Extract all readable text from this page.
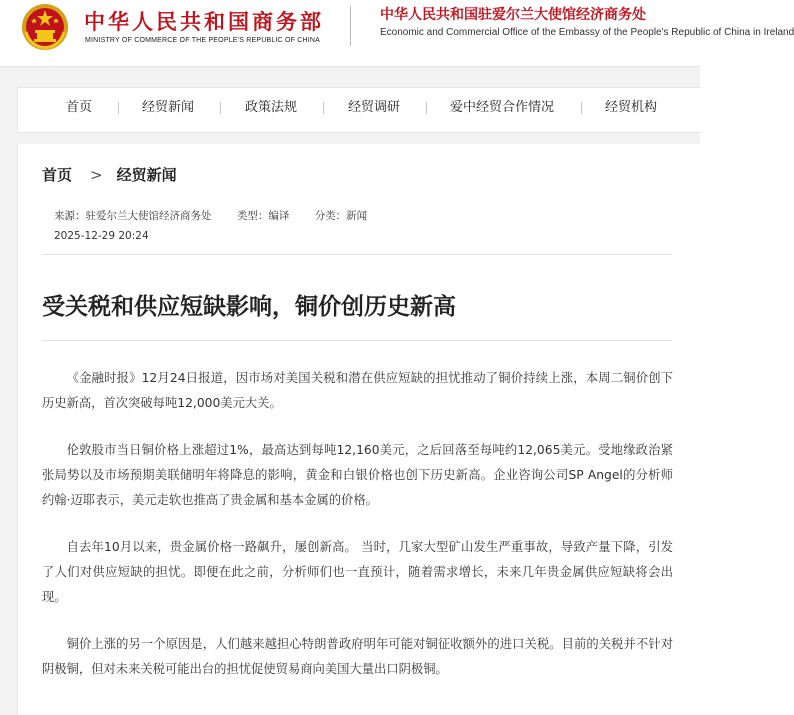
中华人民共和国商务部
MINISTRY OF COMMERCE OF THE PEOPLE'S REPUBLIC OF CHINA
中华人民共和国驻爱尔兰大使馆经济商务处
Economic and Commercial Office of the Embassy of the People's Republic of China in Ireland
首页	经贸新闻	政策法规	经贸调研	爱中经贸合作情况	经贸机构
首页 > 经贸新闻
来源：驻爱尔兰大使馆经济商务处 类型：编译 分类：新闻
2025-12-29 20:24
受关税和供应短缺影响，铜价创历史新高

《金融时报》12月24日报道，因市场对美国关税和潜在供应短缺的担忧推动了铜价持续上涨，本周二铜价创下历史新高，首次突破每吨12,000美元大关。

伦敦股市当日铜价格上涨超过1%，最高达到每吨12,160美元，之后回落至每吨约12,065美元。受地缘政治紧张局势以及市场预期美联储明年将降息的影响，黄金和白银价格也创下历史新高。企业咨询公司SP Angel的分析师约翰·迈耶表示，美元走软也推高了贵金属和基本金属的价格。

自去年10月以来，贵金属价格一路飙升，屡创新高。 当时，几家大型矿山发生严重事故，导致产量下降，引发了人们对供应短缺的担忧。即便在此之前，分析师们也一直预计，随着需求增长，未来几年贵金属供应短缺将会出现。

铜价上涨的另一个原因是，人们越来越担心特朗普政府明年可能对铜征收额外的进口关税。目前的关税并不针对阴极铜，但对未来关税可能出台的担忧促使贸易商向美国大量出口阴极铜。
